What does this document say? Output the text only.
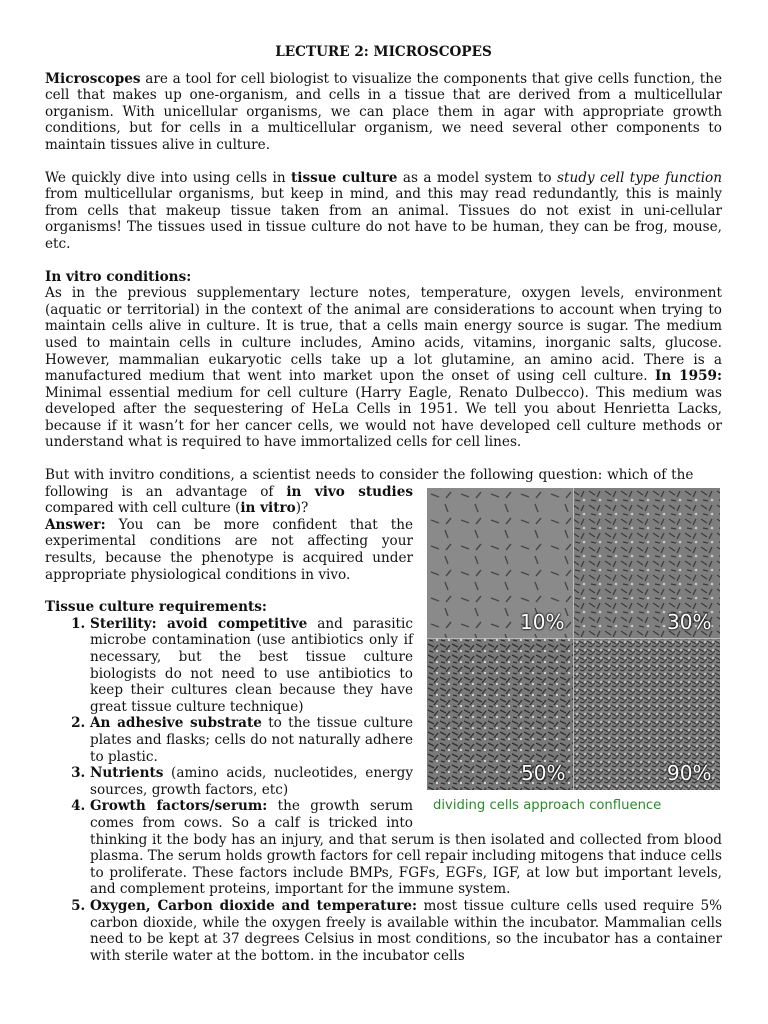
LECTURE 2: MICROSCOPES

Microscopes are a tool for cell biologist to visualize the components that give cells function, the cell that makes up one-organism, and cells in a tissue that are derived from a multicellular organism. With unicellular organisms, we can place them in agar with appropriate growth conditions, but for cells in a multicellular organism, we need several other components to maintain tissues alive in culture.

We quickly dive into using cells in tissue culture as a model system to study cell type function from multicellular organisms, but keep in mind, and this may read redundantly, this is mainly from cells that makeup tissue taken from an animal. Tissues do not exist in uni-cellular organisms! The tissues used in tissue culture do not have to be human, they can be frog, mouse, etc.

In vitro conditions:

As in the previous supplementary lecture notes, temperature, oxygen levels, environment (aquatic or territorial) in the context of the animal are considerations to account when trying to maintain cells alive in culture. It is true, that a cells main energy source is sugar. The medium used to maintain cells in culture includes, Amino acids, vitamins, inorganic salts, glucose. However, mammalian eukaryotic cells take up a lot glutamine, an amino acid. There is a manufactured medium that went into market upon the onset of using cell culture. In 1959: Minimal essential medium for cell culture (Harry Eagle, Renato Dulbecco). This medium was developed after the sequestering of HeLa Cells in 1951. We tell you about Henrietta Lacks, because if it wasn’t for her cancer cells, we would not have developed cell culture methods or understand what is required to have immortalized cells for cell lines.

But with invitro conditions, a scientist needs to consider the following question: which of the

10%	30%
50%	90%
dividing cells approach confluence

following is an advantage of in vivo studies compared with cell culture (in vitro)?
Answer: You can be more confident that the experimental conditions are not affecting your results, because the phenotype is acquired under appropriate physiological conditions in vivo.

Tissue culture requirements:

1. Sterility: avoid competitive and parasitic microbe contamination (use antibiotics only if necessary, but the best tissue culture biologists do not need to use antibiotics to keep their cultures clean because they have great tissue culture technique)
2. An adhesive substrate to the tissue culture plates and flasks; cells do not naturally adhere to plastic.
3. Nutrients (amino acids, nucleotides, energy sources, growth factors, etc)
4. Growth factors/serum: the growth serum comes from cows. So a calf is tricked into thinking it the body has an injury, and that serum is then isolated and collected from blood plasma. The serum holds growth factors for cell repair including mitogens that induce cells to proliferate. These factors include BMPs, FGFs, EGFs, IGF, at low but important levels, and complement proteins, important for the immune system.
5. Oxygen, Carbon dioxide and temperature: most tissue culture cells used require 5% carbon dioxide, while the oxygen freely is available within the incubator. Mammalian cells need to be kept at 37 degrees Celsius in most conditions, so the incubator has a container with sterile water at the bottom. in the incubator cells
